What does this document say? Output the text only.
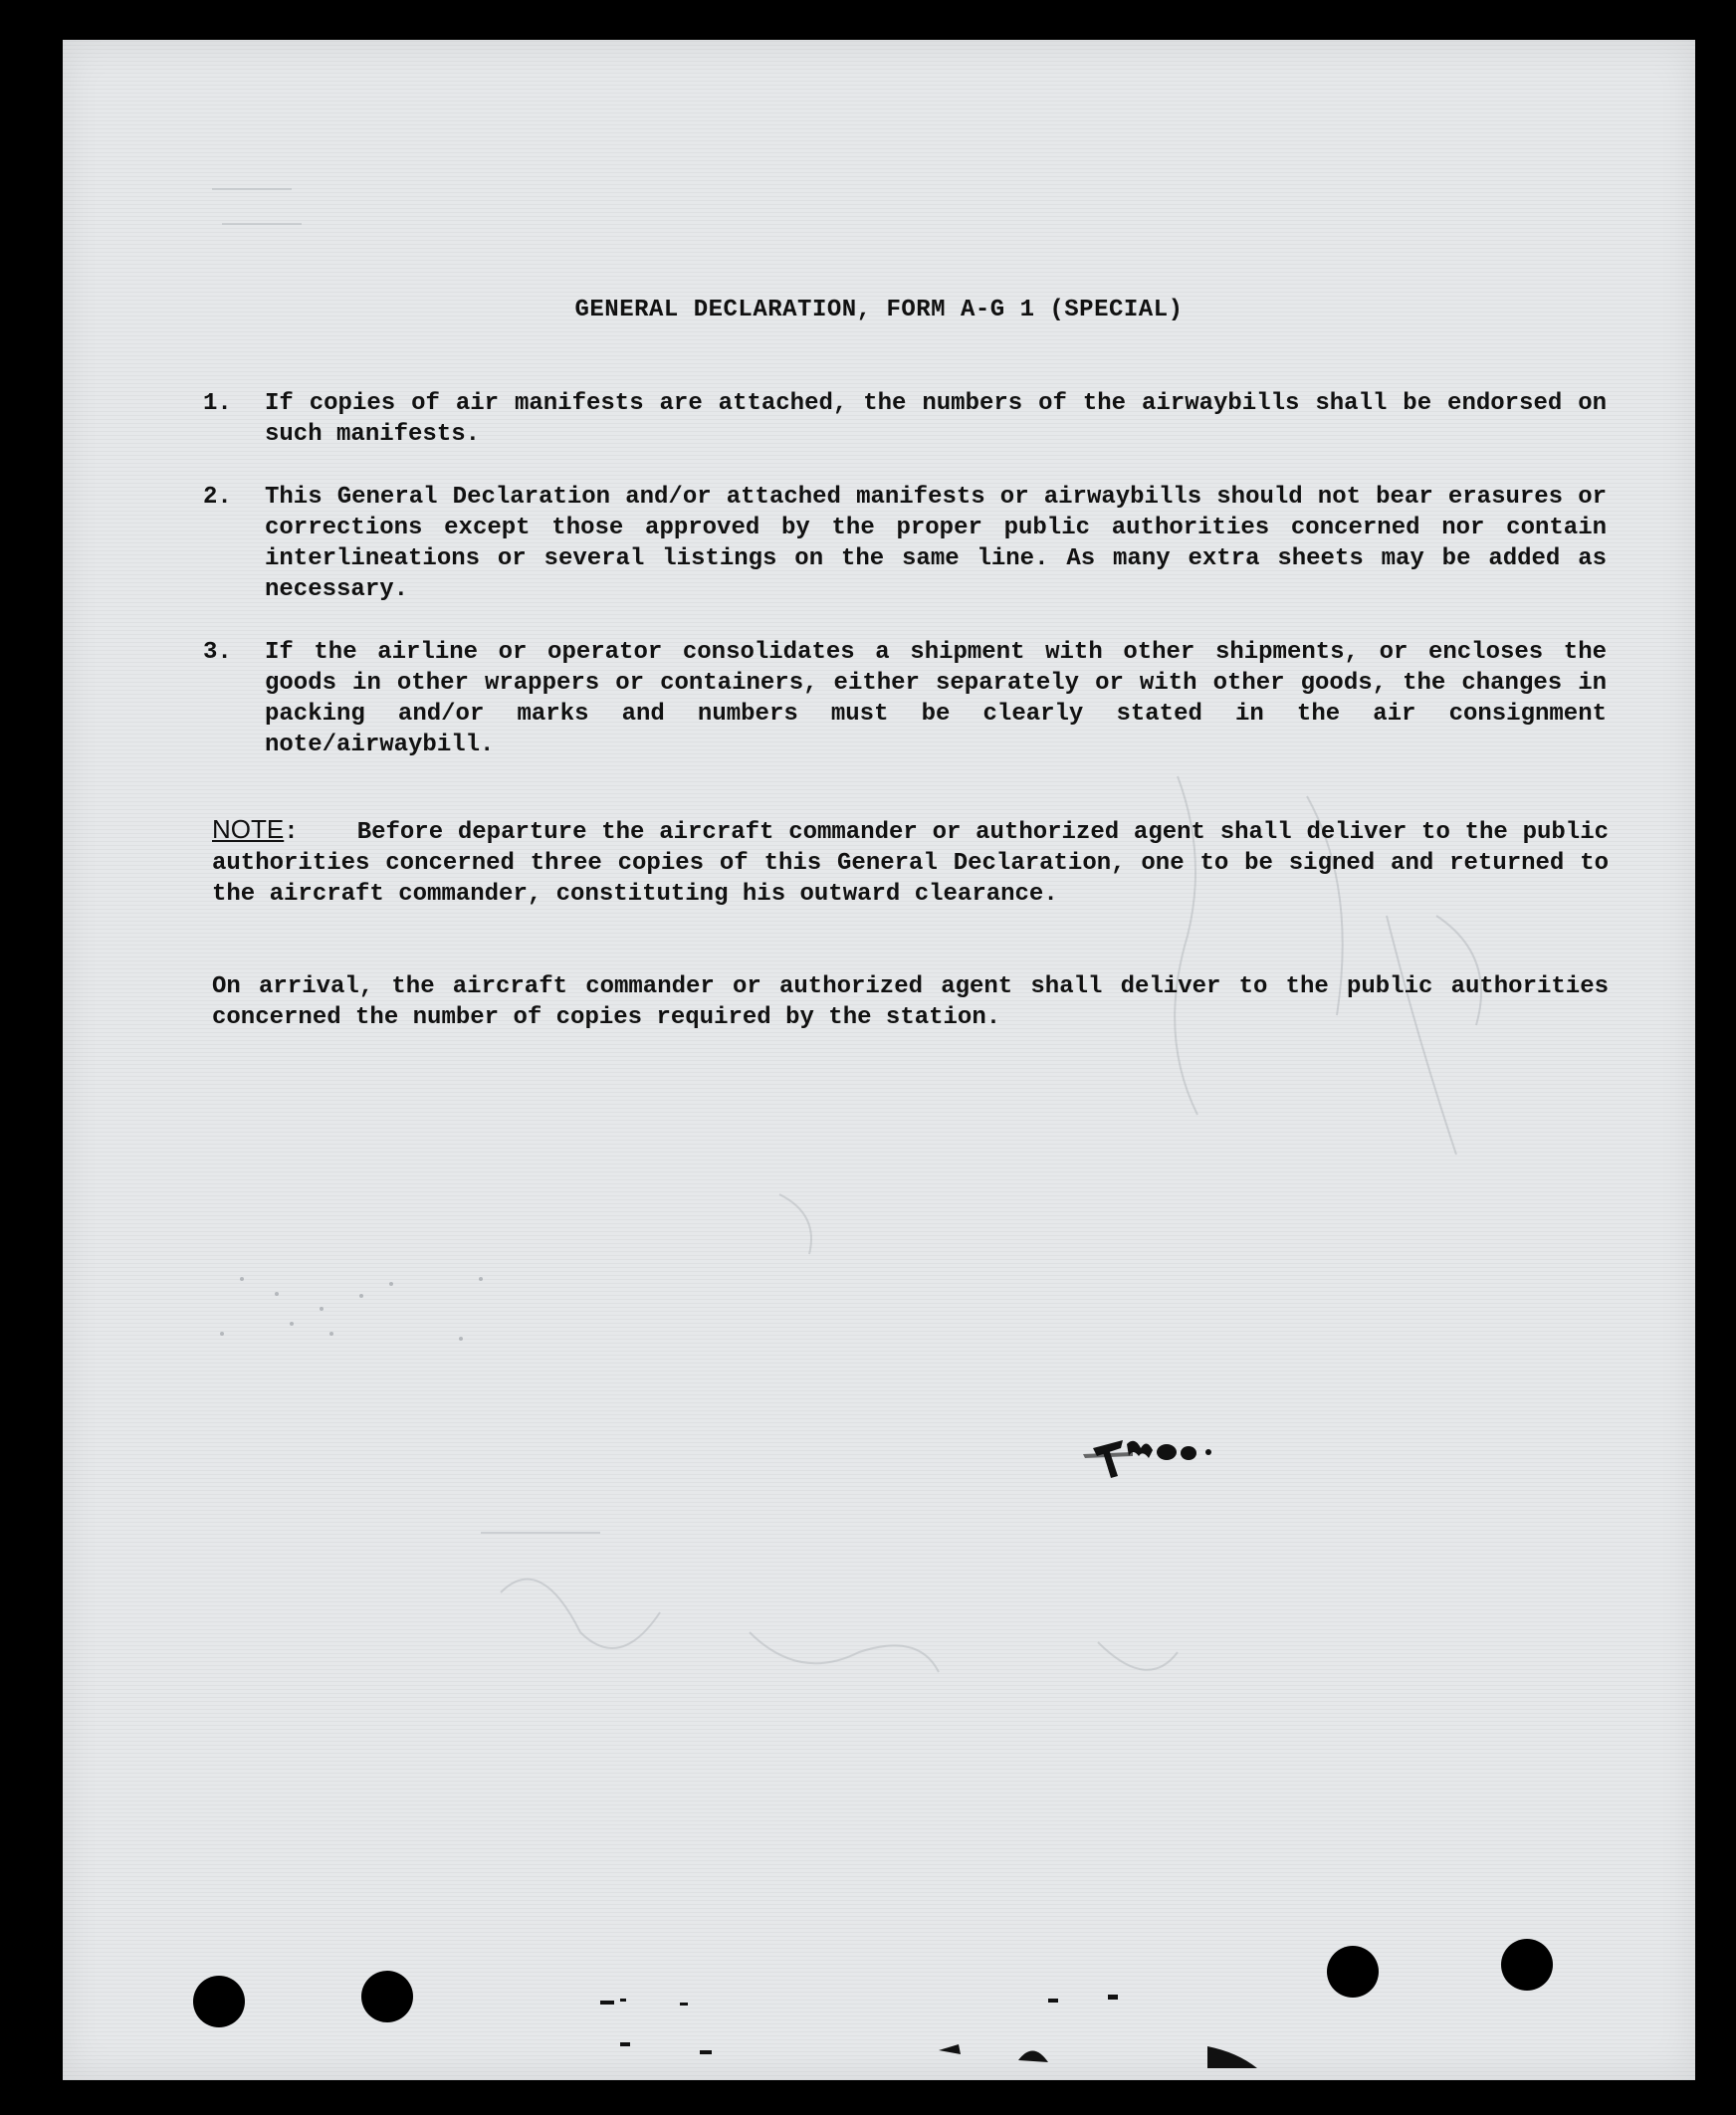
GENERAL DECLARATION, FORM A-G 1 (SPECIAL)
1.	If copies of air manifests are attached, the numbers of the airwaybills shall be endorsed on such manifests.
2.	This General Declaration and/or attached manifests or airwaybills should not bear erasures or corrections except those approved by the proper public authorities concerned nor contain interlineations or several listings on the same line. As many extra sheets may be added as necessary.
3.	If the airline or operator consolidates a shipment with other shipments, or encloses the goods in other wrappers or containers, either separately or with other goods, the changes in packing and/or marks and numbers must be clearly stated in the air consignment note/airwaybill.
NOTE:    Before departure the aircraft commander or authorized agent shall deliver to the public authorities concerned three copies of this General Declaration, one to be signed and returned to the aircraft commander, constituting his outward clearance.
On arrival, the aircraft commander or authorized agent shall deliver to the public authorities concerned the number of copies required by the station.
